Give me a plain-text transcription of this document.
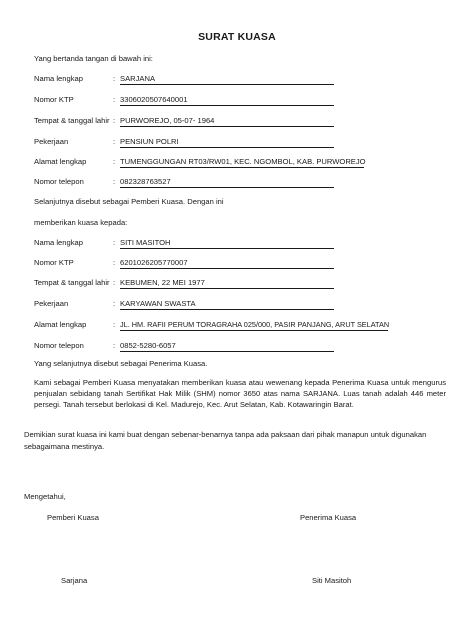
SURAT KUASA
Yang bertanda tangan di bawah ini:
Nama lengkap	: SARJANA
Nomor KTP	: 3306020507640001
Tempat & tanggal lahir : PURWOREJO, 05-07- 1964
Pekerjaan	: PENSIUN POLRI
Alamat lengkap	: TUMENGGUNGAN RT03/RW01, KEC. NGOMBOL, KAB. PURWOREJO
Nomor telepon	: 082328763527
Selanjutnya disebut sebagai Pemberi Kuasa. Dengan ini
memberikan kuasa kepada:
Nama lengkap	: SITI MASITOH
Nomor KTP	: 6201026205770007
Tempat & tanggal lahir : KEBUMEN, 22 MEI 1977
Pekerjaan	: KARYAWAN SWASTA
Alamat lengkap	: JL. HM. RAFII PERUM TORAGRAHA 025/000, PASIR PANJANG, ARUT SELATAN
Nomor telepon	: 0852-5280-6057
Yang selanjutnya disebut sebagai Penerima Kuasa.
Kami sebagai Pemberi Kuasa menyatakan memberikan kuasa atau wewenang kepada Penerima Kuasa untuk mengurus penjualan sebidang tanah Sertifikat Hak Milik (SHM) nomor 3650 atas nama SARJANA. Luas tanah adalah 446 meter persegi. Tanah tersebut berlokasi di Kel. Madurejo, Kec. Arut Selatan, Kab. Kotawaringin Barat.
Demikian surat kuasa ini kami buat dengan sebenar-benarnya tanpa ada paksaan dari pihak manapun untuk digunakan sebagaimana mestinya.
Mengetahui,
Pemberi Kuasa	Penerima Kuasa
Sarjana	Siti Masitoh
